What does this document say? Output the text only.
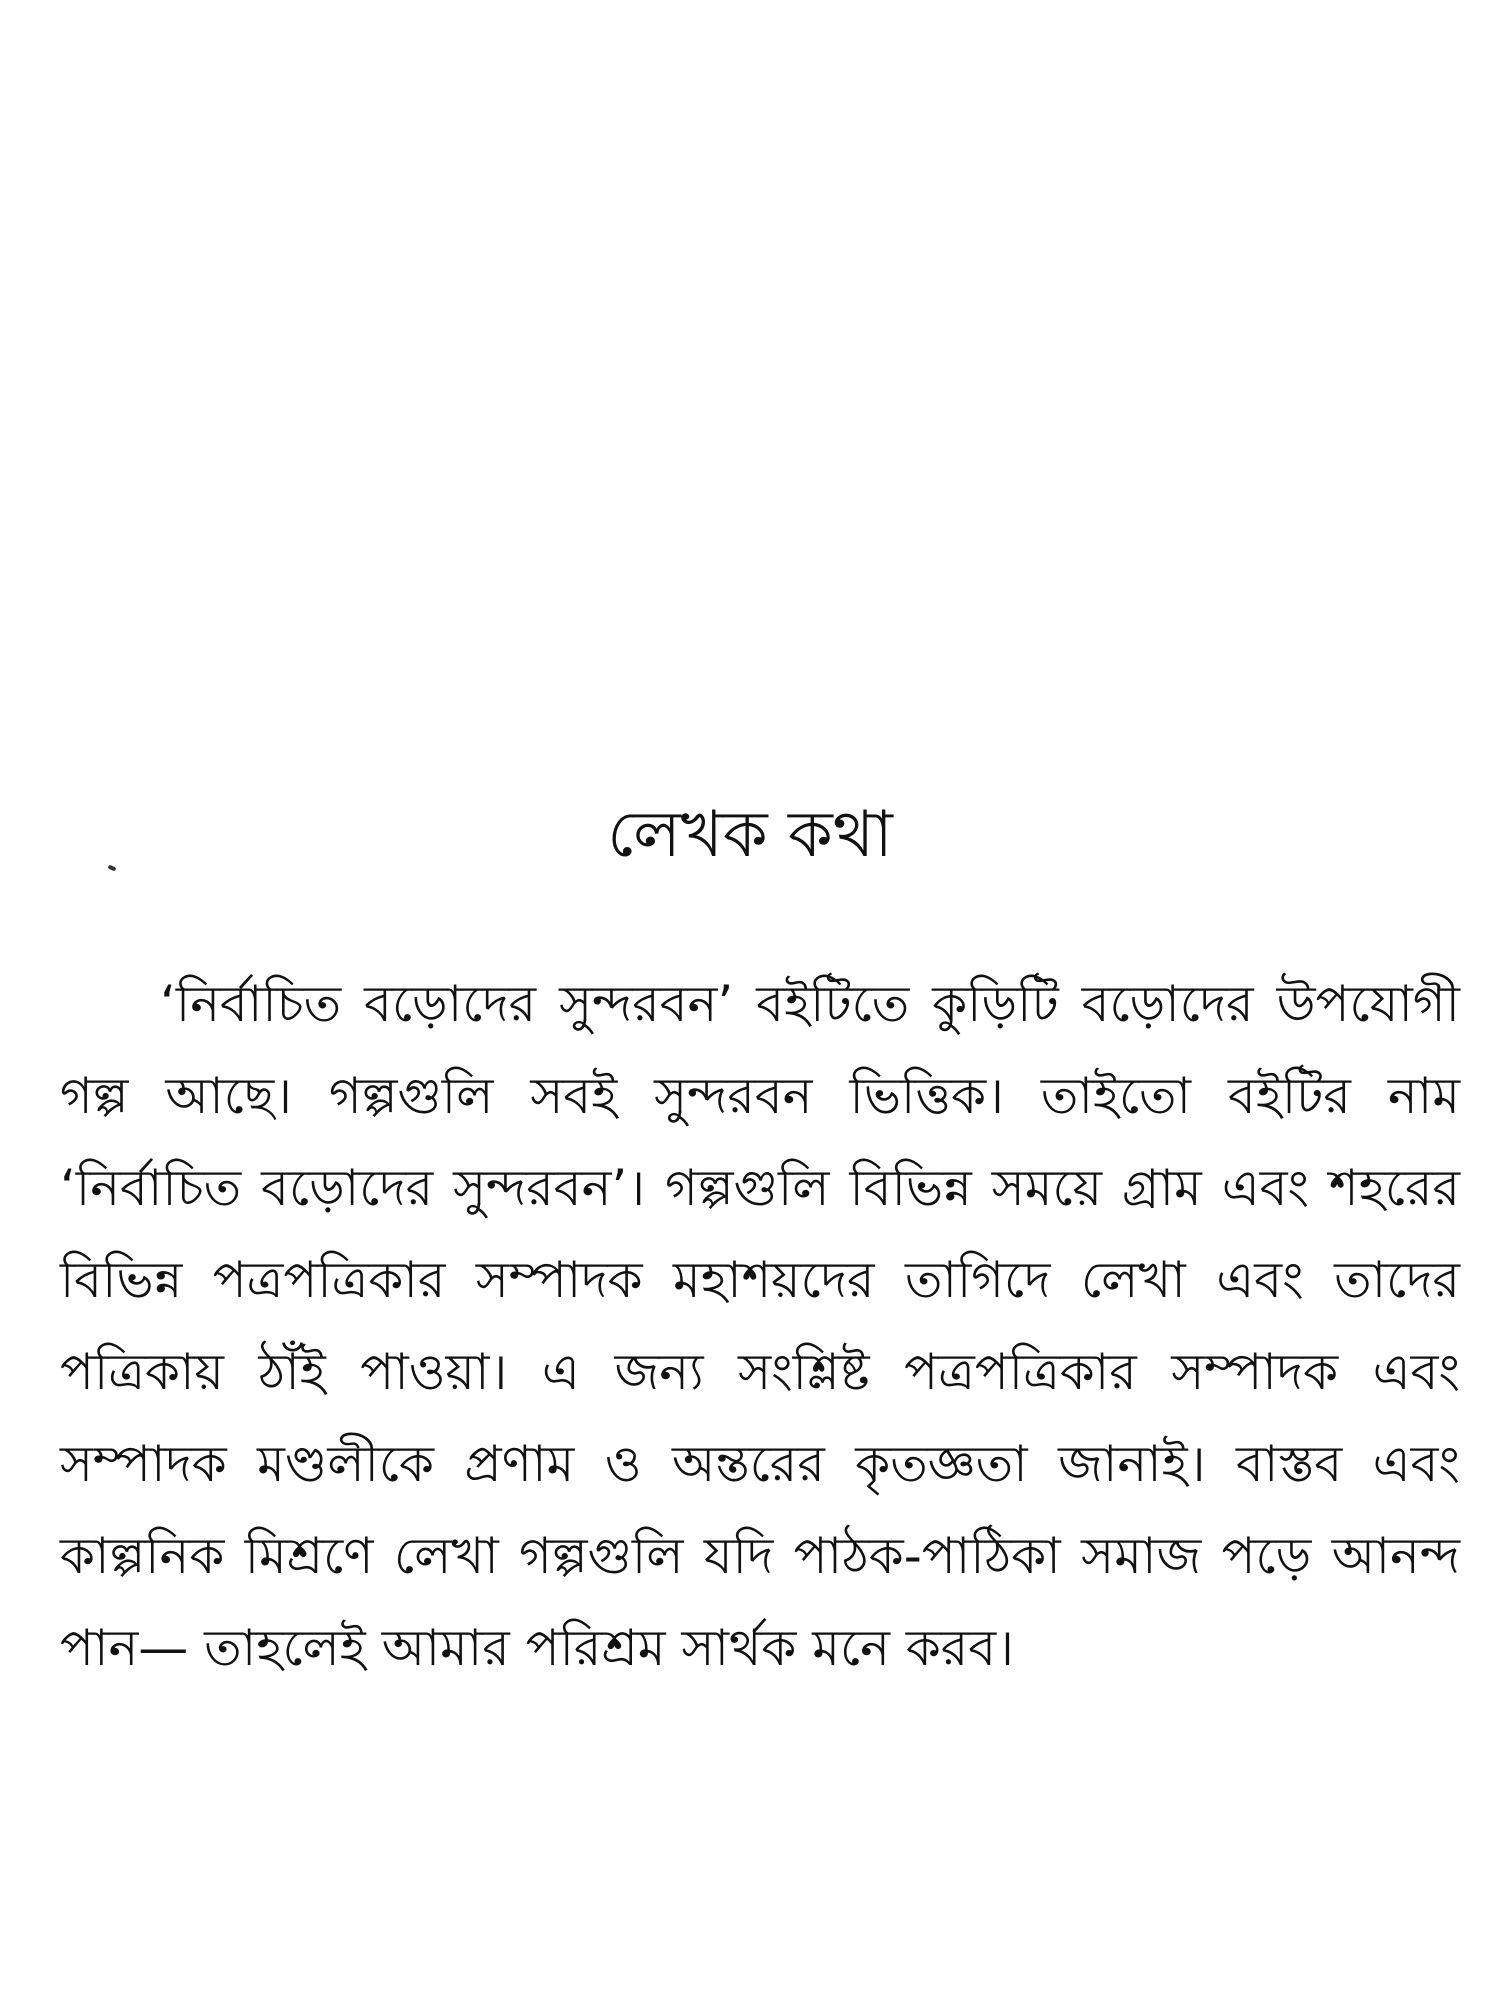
লেখক কথা

‘নির্বাচিত বড়োদের সুন্দরবন’ বইটিতে কুড়িটি বড়োদের উপযোগী গল্প আছে। গল্পগুলি সবই সুন্দরবন ভিত্তিক। তাইতো বইটির নাম ‘নির্বাচিত বড়োদের সুন্দরবন’। গল্পগুলি বিভিন্ন সময়ে গ্রাম এবং শহরের বিভিন্ন পত্রপত্রিকার সম্পাদক মহাশয়দের তাগিদে লেখা এবং তাদের পত্রিকায় ঠাঁই পাওয়া। এ জন্য সংশ্লিষ্ট পত্রপত্রিকার সম্পাদক এবং সম্পাদক মণ্ডলীকে প্রণাম ও অন্তরের কৃতজ্ঞতা জানাই। বাস্তব এবং কাল্পনিক মিশ্রণে লেখা গল্পগুলি যদি পাঠক-পাঠিকা সমাজ পড়ে আনন্দ পান— তাহলেই আমার পরিশ্রম সার্থক মনে করব।
